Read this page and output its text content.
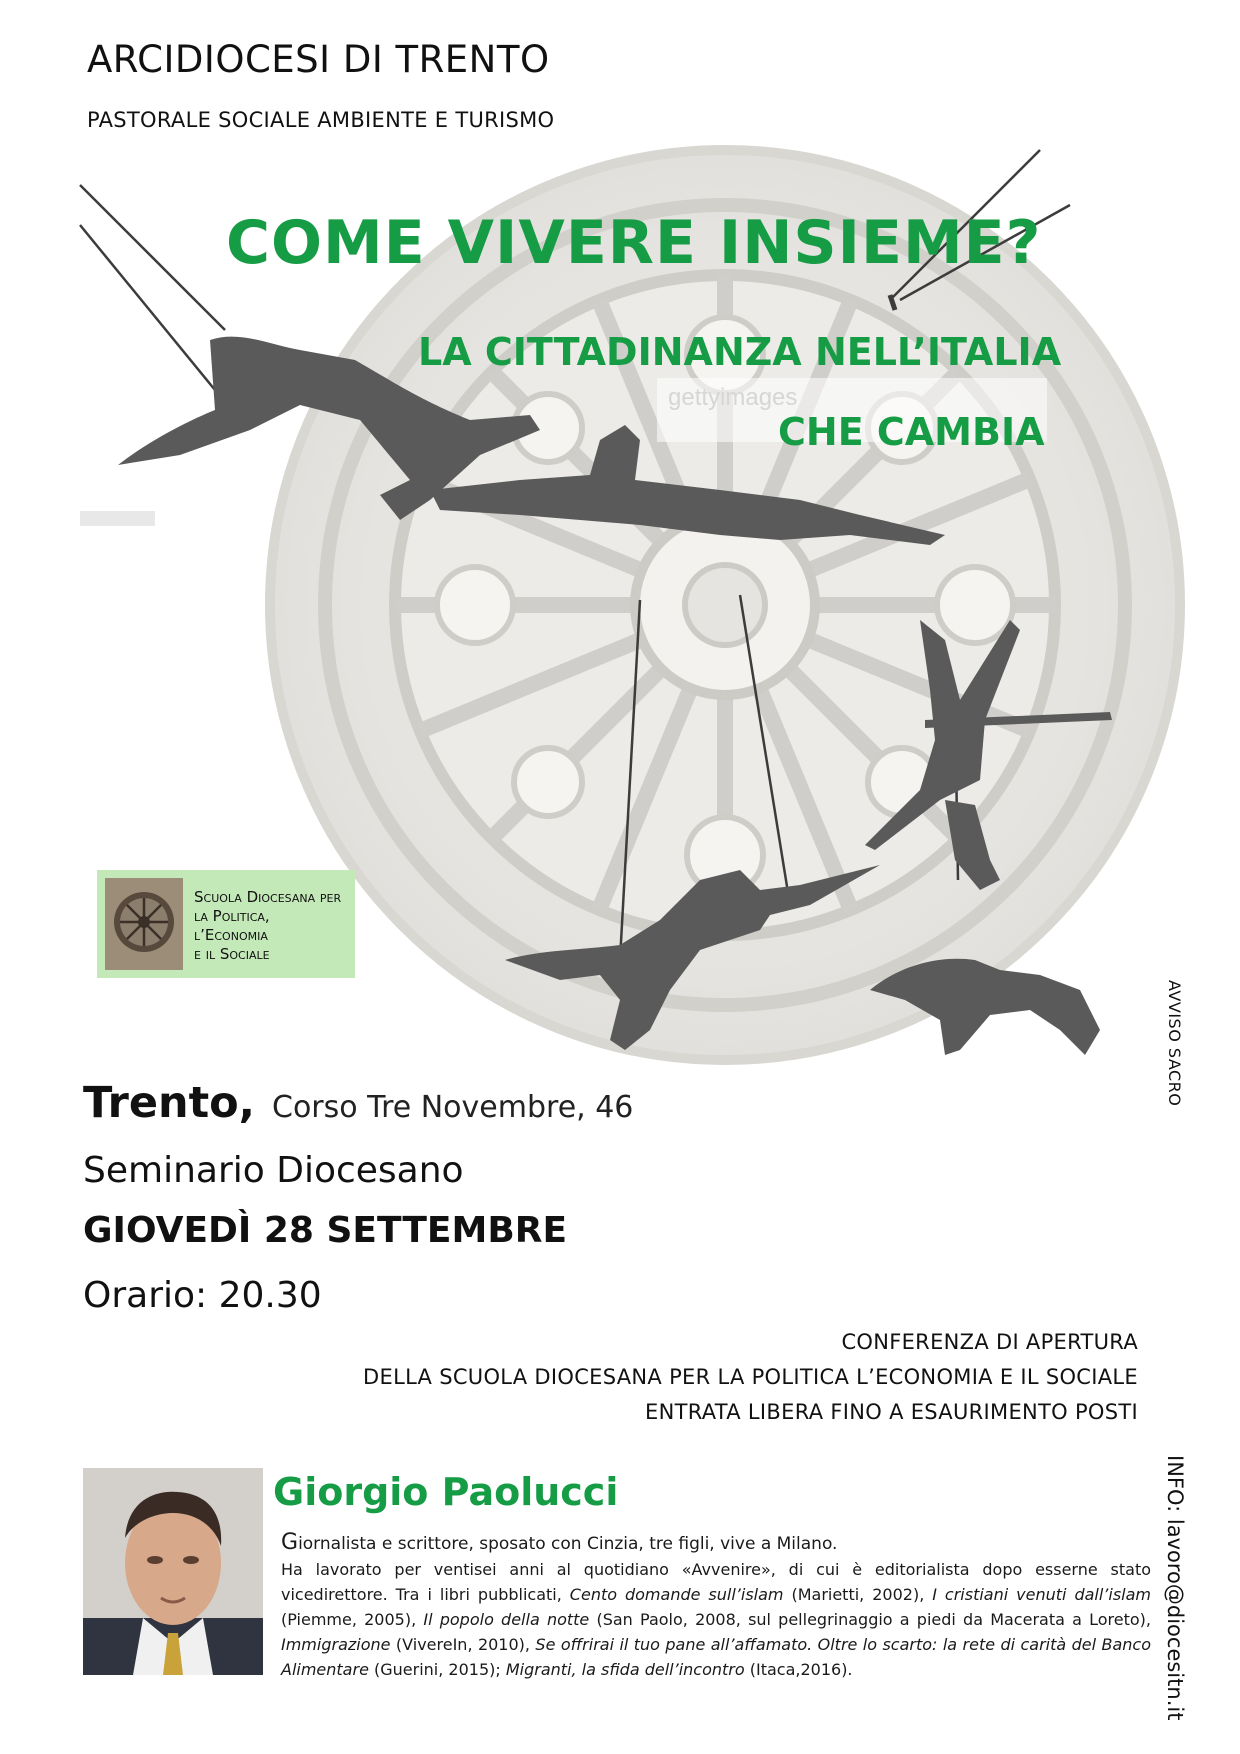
ARCIDIOCESI DI TRENTO
PASTORALE SOCIALE AMBIENTE E TURISMO
gettyimages
COME VIVERE INSIEME?
LA CITTADINANZA NELL’ITALIA
CHE CAMBIA
Scuola Diocesana per
la Politica,
l’Economia
e il Sociale
AVVISO SACRO
INFO: lavoro@diocesitn.it
Trento, Corso Tre Novembre, 46
Seminario Diocesano
GIOVEDÌ 28 SETTEMBRE
Orario: 20.30
CONFERENZA DI APERTURA
DELLA SCUOLA DIOCESANA PER LA POLITICA L’ECONOMIA E IL SOCIALE
ENTRATA LIBERA FINO A ESAURIMENTO POSTI
Giorgio Paolucci
Giornalista e scrittore, sposato con Cinzia, tre figli, vive a Milano.
Ha lavorato per ventisei anni al quotidiano «Avvenire», di cui è editorialista dopo esserne stato vicedirettore. Tra i libri pubblicati, Cento domande sull’islam (Marietti, 2002), I cristiani venuti dall’islam (Piemme, 2005), Il popolo della notte (San Paolo, 2008, sul pellegrinaggio a piedi da Macerata a Loreto), Immigrazione (VivereIn, 2010), Se offrirai il tuo pane all’affamato. Oltre lo scarto: la rete di carità del Banco Alimentare (Guerini, 2015); Migranti, la sfida dell’incontro (Itaca,2016).
